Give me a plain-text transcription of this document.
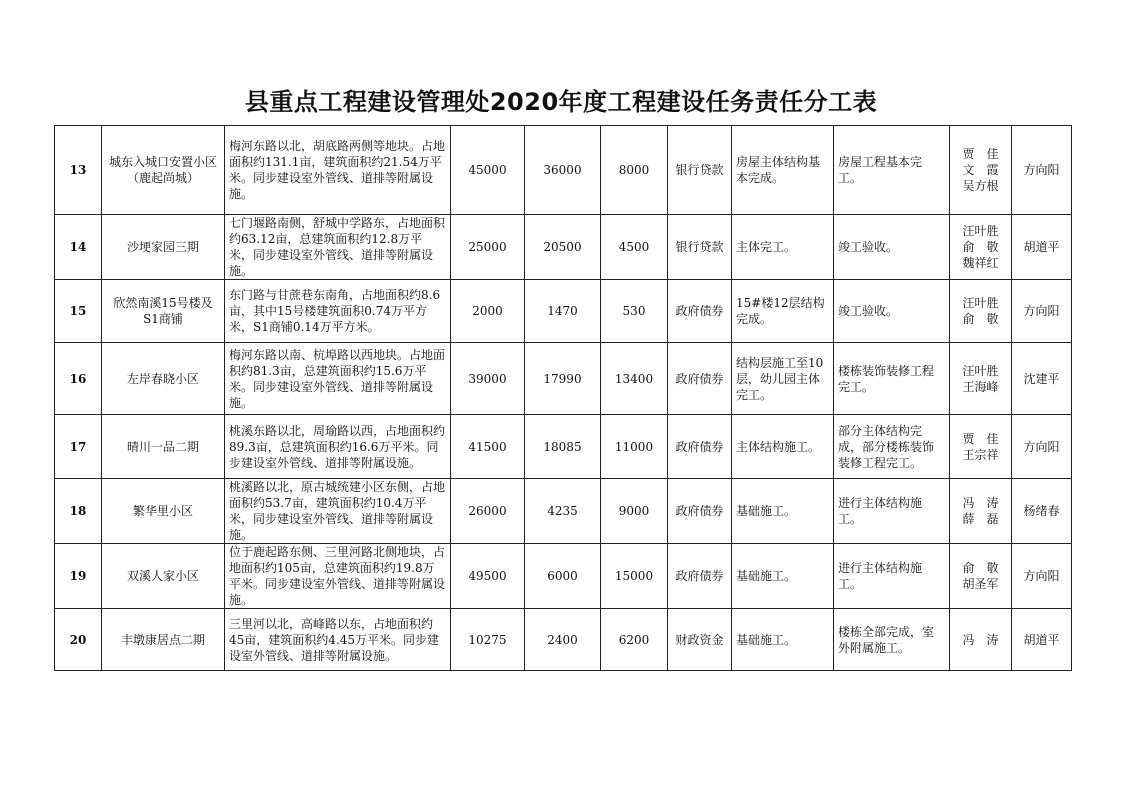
县重点工程建设管理处2020年度工程建设任务责任分工表
13	城东入城口安置小区（鹿起尚城）	梅河东路以北，胡底路两侧等地块。占地面积约131.1亩，建筑面积约21.54万平米。同步建设室外管线、道排等附属设施。	45000	36000	8000	银行贷款	房屋主体结构基本完成。	房屋工程基本完工。	贾　佳
文　霞
吴方根	方向阳
14	沙埂家园三期	七门堰路南侧，舒城中学路东，占地面积约63.12亩，总建筑面积约12.8万平米，同步建设室外管线、道排等附属设施。	25000	20500	4500	银行贷款	主体完工。	竣工验收。	汪叶胜
俞　敬
魏祥红	胡道平
15	欣然南溪15号楼及S1商铺	东门路与甘蔗巷东南角，占地面积约8.6亩，其中15号楼建筑面积0.74万平方米，S1商铺0.14万平方米。	2000	1470	530	政府债券	15#楼12层结构完成。	竣工验收。	汪叶胜
俞　敬	方向阳
16	左岸春晓小区	梅河东路以南、杭埠路以西地块。占地面积约81.3亩，总建筑面积约15.6万平米。同步建设室外管线、道排等附属设施。	39000	17990	13400	政府债券	结构层施工至10层，幼儿园主体完工。	楼栋装饰装修工程完工。	汪叶胜
王海峰	沈建平
17	晴川一品二期	桃溪东路以北，周瑜路以西，占地面积约89.3亩，总建筑面积约16.6万平米。同步建设室外管线、道排等附属设施。	41500	18085	11000	政府债券	主体结构施工。	部分主体结构完成，部分楼栋装饰装修工程完工。	贾　佳
王宗祥	方向阳
18	繁华里小区	桃溪路以北，原古城统建小区东侧，占地面积约53.7亩，建筑面积约10.4万平米，同步建设室外管线、道排等附属设施。	26000	4235	9000	政府债券	基础施工。	进行主体结构施工。	冯　涛
薛　磊	杨绪春
19	双溪人家小区	位于鹿起路东侧、三里河路北侧地块，占地面积约105亩，总建筑面积约19.8万平米。同步建设室外管线、道排等附属设施。	49500	6000	15000	政府债券	基础施工。	进行主体结构施工。	俞　敬
胡圣军	方向阳
20	丰墩康居点二期	三里河以北，高峰路以东，占地面积约45亩，建筑面积约4.45万平米。同步建设室外管线、道排等附属设施。	10275	2400	6200	财政资金	基础施工。	楼栋全部完成，室外附属施工。	冯　涛	胡道平
